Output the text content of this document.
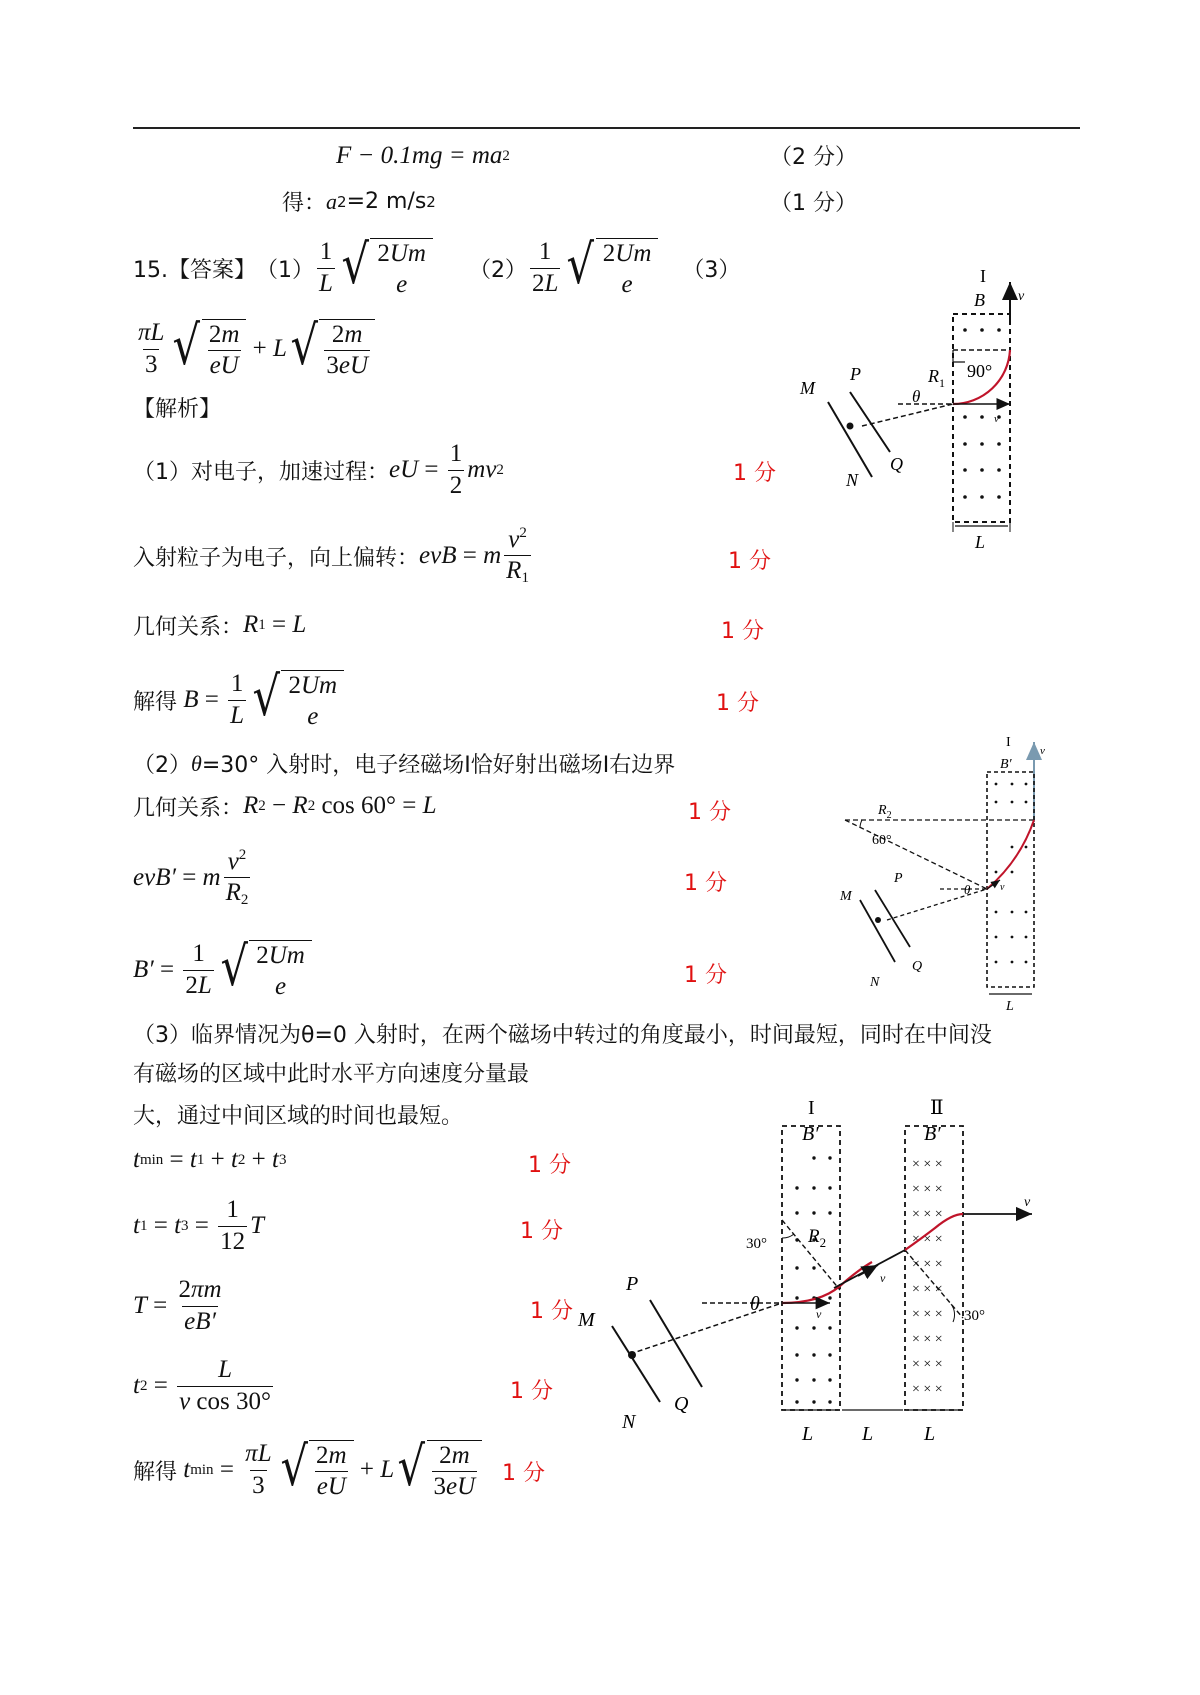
F − 0.1 mg = ma 2	（2 分）
得： a 2 =2 m/s 2	（1 分）
15.【答案】 $(1) \frac{1}{L}$ √ 2Um
e
$(2) \frac{1}{2L}$ √ 2Um
e
（3）
$\frac{\pi L}{3}$ √ $\frac{2m}{eU} + L$ √ $\frac{2m}{3eU}$
【解析】
（1）对电子，加速过程： eU =
$\frac{1}{2}$ mv 2	1 分
入射粒子为电子，向上偏转： evB = m $\frac{v^2}{R_1}$	1 分
几何关系： R 1
= L	1 分
解得 B =
$\frac{1}{L}$ √ 2Um
e	1 分
（2） θ =30° 入射时，电子经磁场I恰好射出磁场I右边界
几何关系： R 2
− R 2 cos 60° = L	1 分
evB′ = m $\frac{v^2}{R_2}$	1 分
B′ =
$\frac{1}{2L}$ √ 2Um
e	1 分
（3）临界情况为θ=0 入射时，在两个磁场中转过的角度最小，时间最短，同时在中间没
有磁场的区域中此时水平方向速度分量最
大，通过中间区域的时间也最短。
t min
= t 1 + t 2 + t 3	1 分
t 1
= t 3
=
$\frac{1}{12}$ T	1 分
T =
$\frac{2\pi m}{eB'}$	1 分
t 2
=
$\frac{L}{\text{v cos 30°}}$	1 分
解得 t min
=
$\frac{\pi L}{3}$ √ $\frac{2m}{eU} + L$ √ $\frac{2m}{3eU} 1$ 分
I
B v
90°
v
$R_1$
θ
P
M
Q
N
L
I
B′
v
$R_2$
60°
v
θ
P
M
Q
N
L
I	Ⅱ
B′	B′
× × ×
× × ×
× × ×
× × ×
× × ×
× × ×
× × ×
× × ×
× × ×
× × ×
30° $R_2$
30°
v
v
v
θ
P
M
Q
N
L L	L
